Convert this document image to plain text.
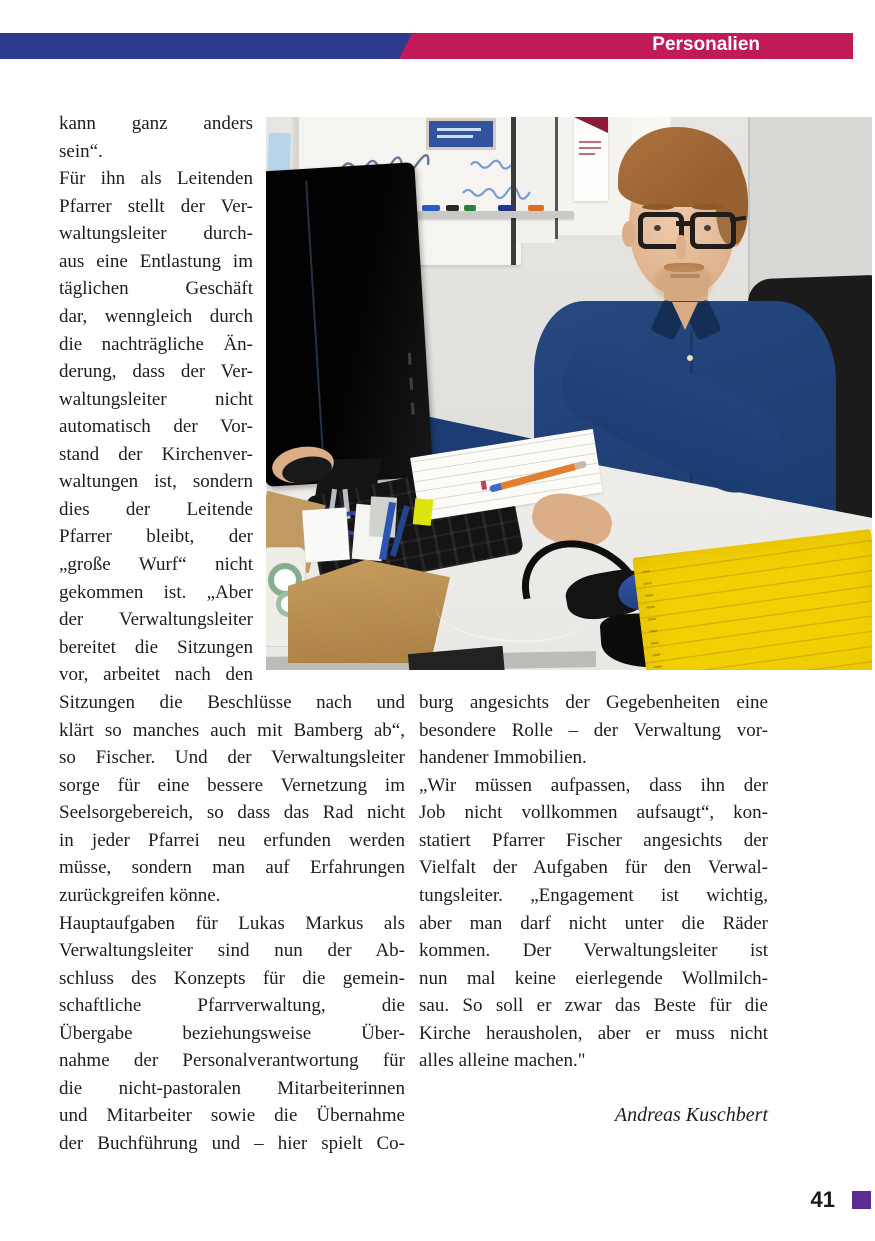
Personalien
kann ganz anders
sein“.
Für ihn als Leitenden
Pfarrer stellt der Ver-
waltungsleiter durch-
aus eine Entlastung im
täglichen Geschäft
dar, wenngleich durch
die nachträgliche Än-
derung, dass der Ver-
waltungsleiter nicht
automatisch der Vor-
stand der Kirchenver-
waltungen ist, sondern
dies der Leitende
Pfarrer bleibt, der
„große Wurf“ nicht
gekommen ist. „Aber
der Verwaltungsleiter
bereitet die Sitzungen
vor, arbeitet nach den
Sitzungen die Beschlüsse nach und
klärt so manches auch mit Bamberg ab“,
so Fischer. Und der Verwaltungsleiter
sorge für eine bessere Vernetzung im
Seelsorgebereich, so dass das Rad nicht
in jeder Pfarrei neu erfunden werden
müsse, sondern man auf Erfahrungen
zurückgreifen könne.
Hauptaufgaben für Lukas Markus als
Verwaltungsleiter sind nun der Ab-
schluss des Konzepts für die gemein-
schaftliche Pfarrverwaltung, die
Übergabe beziehungsweise Über-
nahme der Personalverantwortung für
die nicht-pastoralen Mitarbeiterinnen
und Mitarbeiter sowie die Übernahme
der Buchführung und – hier spielt Co-
burg angesichts der Gegebenheiten eine
besondere Rolle – der Verwaltung vor-
handener Immobilien.
„Wir müssen aufpassen, dass ihn der
Job nicht vollkommen aufsaugt“, kon-
statiert Pfarrer Fischer angesichts der
Vielfalt der Aufgaben für den Verwal-
tungsleiter. „Engagement ist wichtig,
aber man darf nicht unter die Räder
kommen. Der Verwaltungsleiter ist
nun mal keine eierlegende Wollmilch-
sau. So soll er zwar das Beste für die
Kirche herausholen, aber er muss nicht
alles alleine machen."
Andreas Kuschbert
41
